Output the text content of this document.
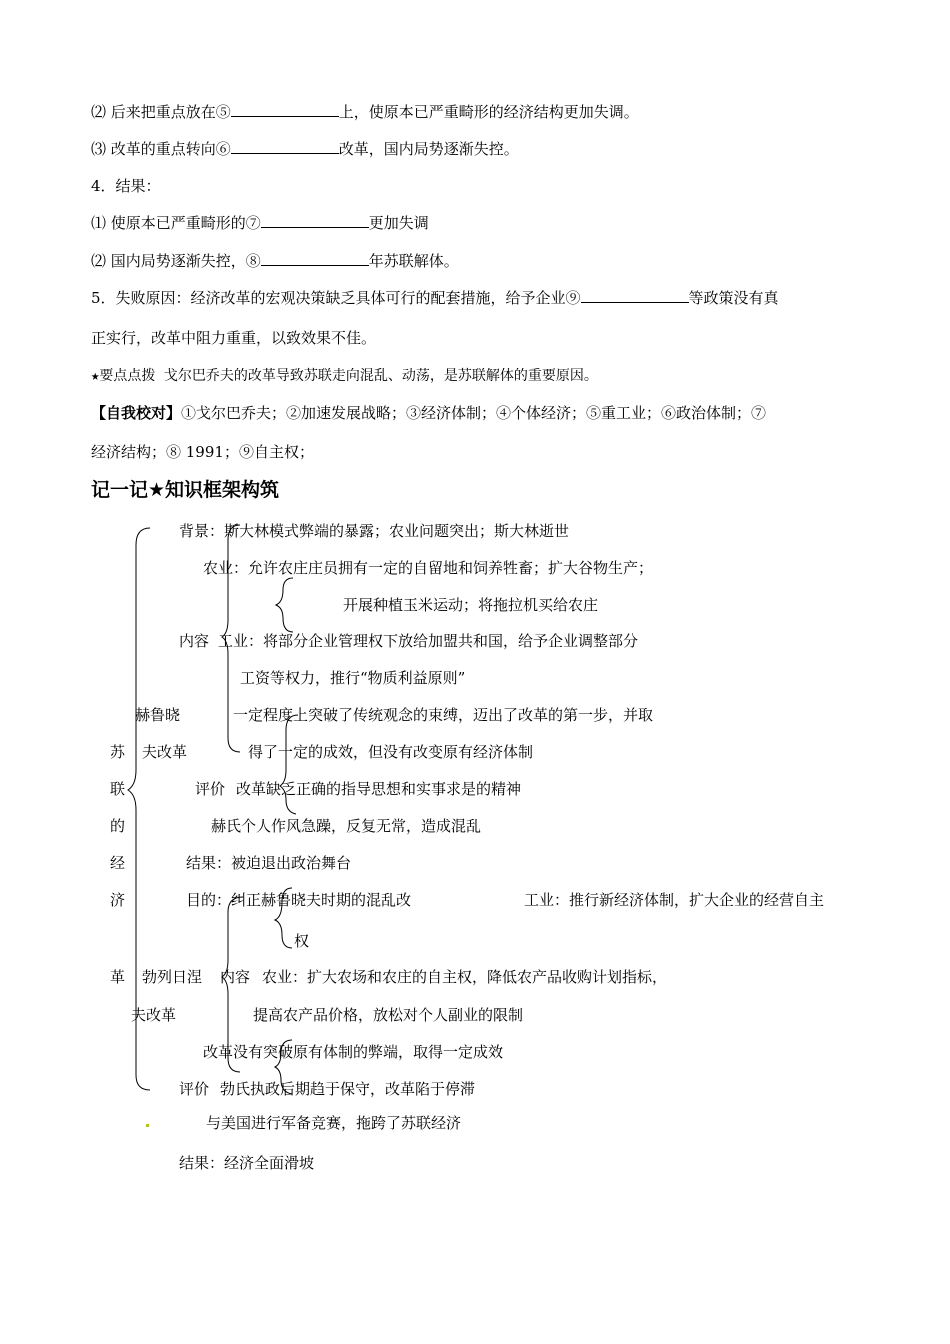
⑵ 后来把重点放在⑤	上，使原本已严重畸形的经济结构更加失调。
⑶ 改革的重点转向⑥	改革，国内局势逐渐失控。
4．结果：
⑴ 使原本已严重畸形的⑦	更加失调
⑵ 国内局势逐渐失控，⑧	年苏联解体。
5．失败原因：经济改革的宏观决策缺乏具体可行的配套措施，给予企业⑨	等政策没有真
正实行，改革中阻力重重，以致效果不佳。
★要点点拨 戈尔巴乔夫的改革导致苏联走向混乱、动荡，是苏联解体的重要原因。
【自我校对】①戈尔巴乔夫；②加速发展战略；③经济体制；④个体经济；⑤重工业；⑥政治体制；⑦
经济结构；⑧ 1991；⑨自主权；
记一记★知识框架构筑
苏
联
的
经
济
革
赫鲁晓
夫改革
背景：斯大林模式弊端的暴露；农业问题突出；斯大林逝世
农业：允许农庄庄员拥有一定的自留地和饲养牲畜；扩大谷物生产；
开展种植玉米运动；将拖拉机买给农庄
内容 工业：将部分企业管理权下放给加盟共和国，给予企业调整部分
工资等权力，推行“物质利益原则”
一定程度上突破了传统观念的束缚，迈出了改革的第一步，并取
得了一定的成效，但没有改变原有经济体制
评价 改革缺乏正确的指导思想和实事求是的精神
赫氏个人作风急躁，反复无常，造成混乱
结果：被迫退出政治舞台
勃列日涅
夫改革
目的：纠正赫鲁晓夫时期的混乱改	工业：推行新经济体制，扩大企业的经营自主
权
内容 农业：扩大农场和农庄的自主权，降低农产品收购计划指标，
提高农产品价格，放松对个人副业的限制
改革没有突破原有体制的弊端，取得一定成效
评价 勃氏执政后期趋于保守，改革陷于停滞
与美国进行军备竞赛，拖跨了苏联经济
结果：经济全面滑坡
